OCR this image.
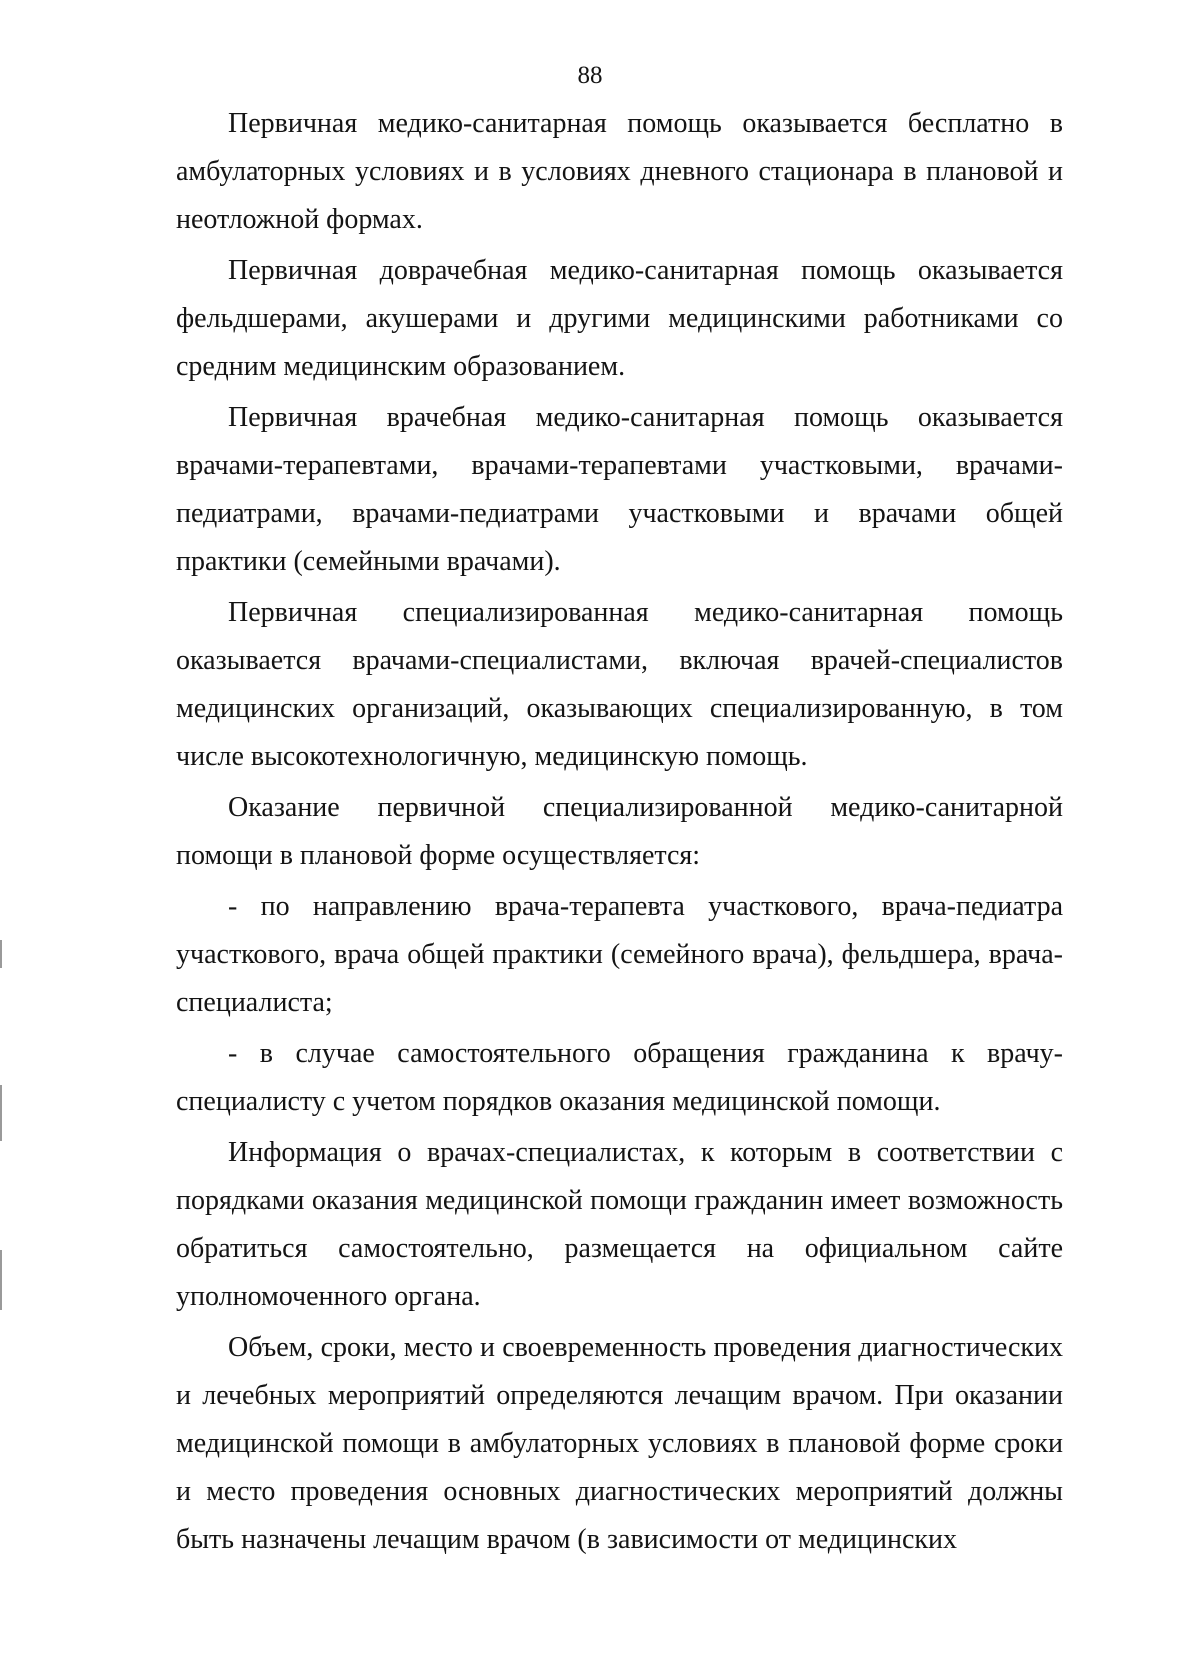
88

Первичная медико-санитарная помощь оказывается бесплатно в амбулаторных условиях и в условиях дневного стационара в плановой и неотложной формах.

Первичная доврачебная медико-санитарная помощь оказывается фельдшерами, акушерами и другими медицинскими работниками со средним медицинским образованием.

Первичная врачебная медико-санитарная помощь оказывается врачами-терапевтами, врачами-терапевтами участковыми, врачами-педиатрами, врачами-педиатрами участковыми и врачами общей практики (семейными врачами).

Первичная специализированная медико-санитарная помощь оказывается врачами-специалистами, включая врачей-специалистов медицинских организаций, оказывающих специализированную, в том числе высокотехнологичную, медицинскую помощь.

Оказание первичной специализированной медико-санитарной помощи в плановой форме осуществляется:

- по направлению врача-терапевта участкового, врача-педиатра участкового, врача общей практики (семейного врача), фельдшера, врача-специалиста;

- в случае самостоятельного обращения гражданина к врачу-специалисту с учетом порядков оказания медицинской помощи.

Информация о врачах-специалистах, к которым в соответствии с порядками оказания медицинской помощи гражданин имеет возможность обратиться самостоятельно, размещается на официальном сайте уполномоченного органа.

Объем, сроки, место и своевременность проведения диагностических и лечебных мероприятий определяются лечащим врачом. При оказании медицинской помощи в амбулаторных условиях в плановой форме сроки и место проведения основных диагностических мероприятий должны быть назначены лечащим врачом (в зависимости от медицинских
